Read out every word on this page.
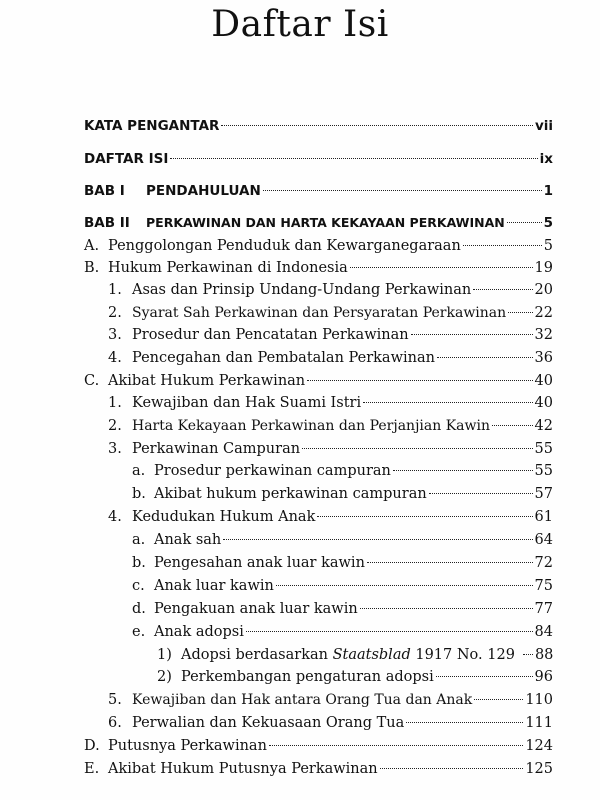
Daftar Isi
KATA PENGANTAR	vii
DAFTAR ISI	ix
BAB I	PENDAHULUAN	1
BAB II	PERKAWINAN DAN HARTA KEKAYAAN PERKAWINAN	5
A. Penggolongan Penduduk dan Kewarganegaraan	5
B. Hukum Perkawinan di Indonesia	19
1. Asas dan Prinsip Undang-Undang Perkawinan	20
2. Syarat Sah Perkawinan dan Persyaratan Perkawinan 22
3. Prosedur dan Pencatatan Perkawinan	32
4. Pencegahan dan Pembatalan Perkawinan	36
C. Akibat Hukum Perkawinan	40
1. Kewajiban dan Hak Suami Istri	40
2. Harta Kekayaan Perkawinan dan Perjanjian Kawin	42
3. Perkawinan Campuran	55
a. Prosedur perkawinan campuran	55
b. Akibat hukum perkawinan campuran	57
4. Kedudukan Hukum Anak	61
a. Anak sah	64
b. Pengesahan anak luar kawin	72
c. Anak luar kawin	75
d. Pengakuan anak luar kawin	77
e. Anak adopsi	84
1) Adopsi berdasarkan Staatsblad 1917 No. 129 88
2) Perkembangan pengaturan adopsi	96
5. Kewajiban dan Hak antara Orang Tua dan Anak	110
6. Perwalian dan Kekuasaan Orang Tua	111
D. Putusnya Perkawinan	124
E. Akibat Hukum Putusnya Perkawinan	125
